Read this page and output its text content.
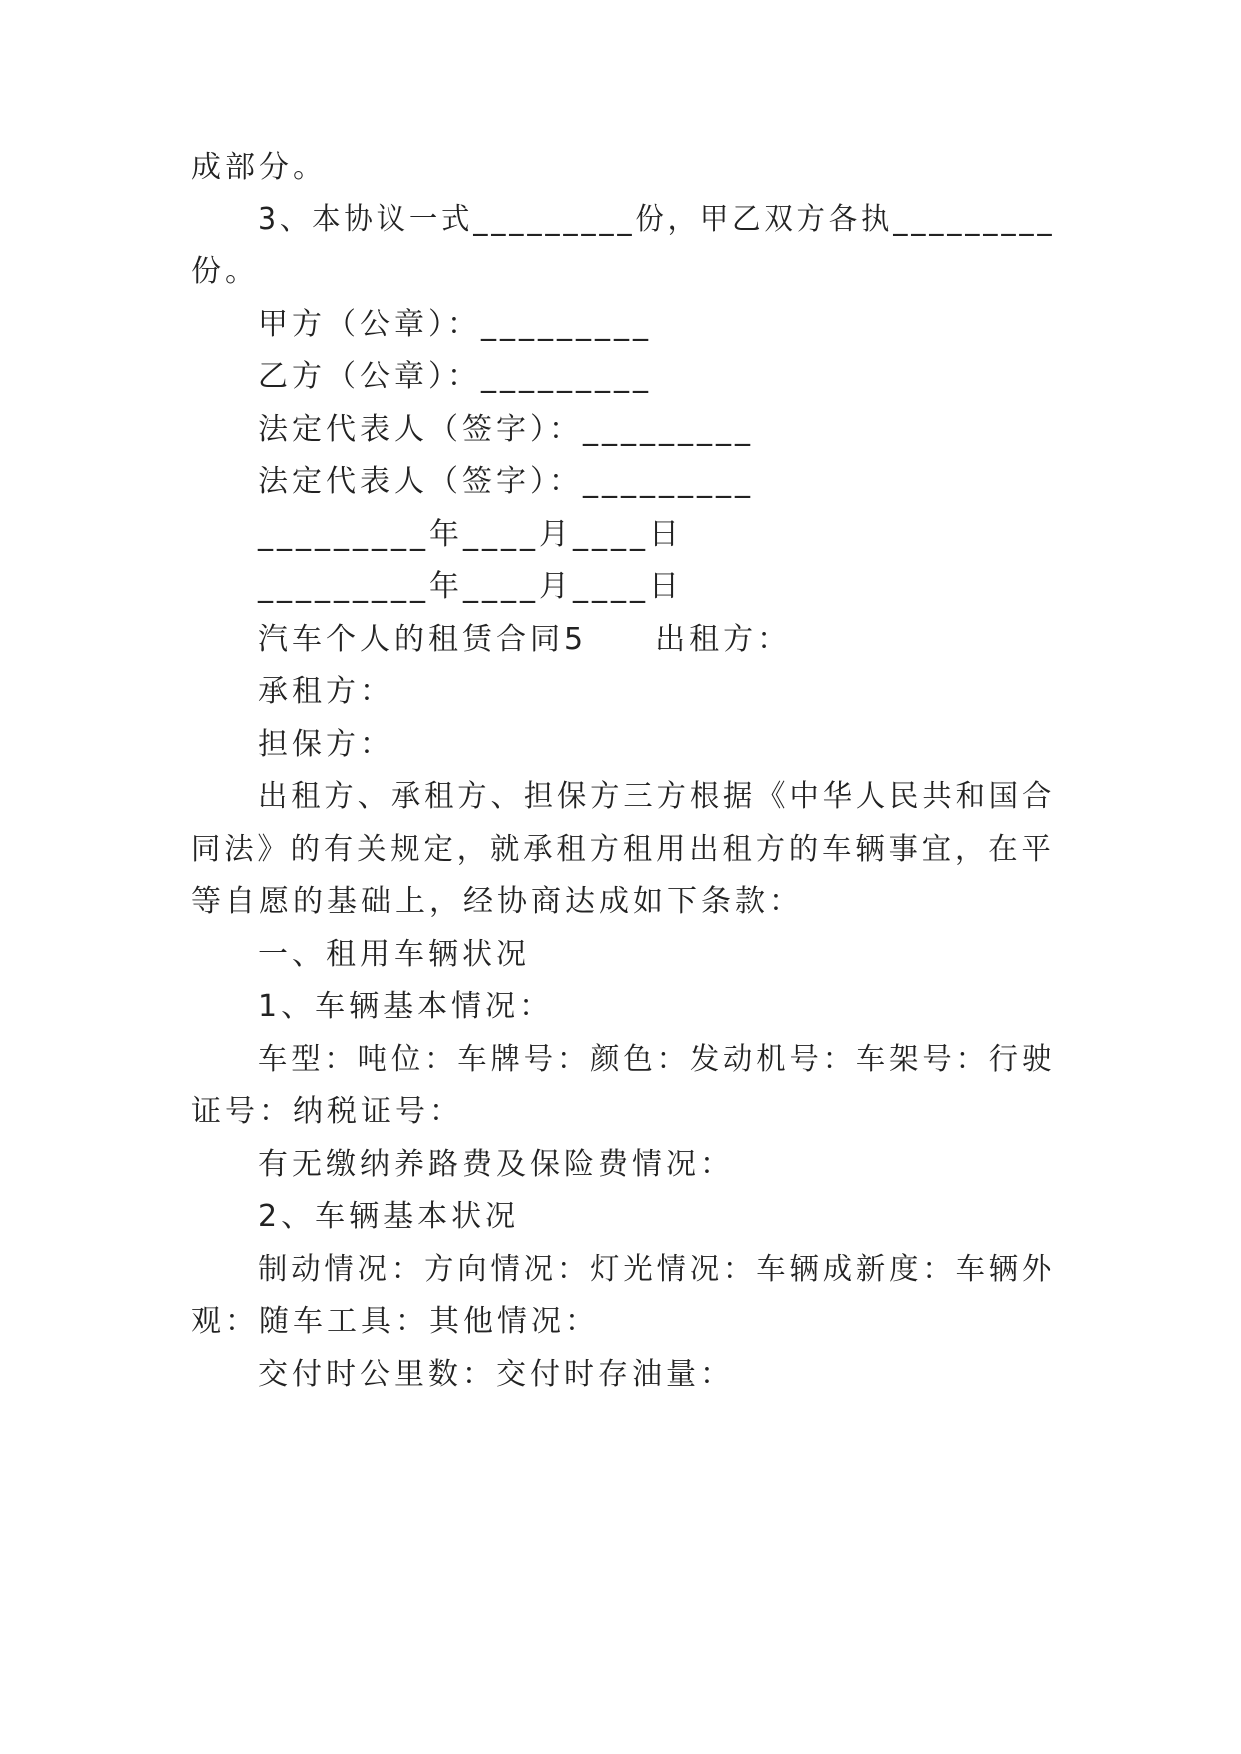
成部分。
3、本协议一式_________份，甲乙双方各执_________
份。
甲方（公章）：_________
乙方（公章）：_________
法定代表人（签字）：_________
法定代表人（签字）：_________
_________年____月____日
_________年____月____日
汽车个人的租赁合同5　　出租方：
承租方：
担保方：
出租方、承租方、担保方三方根据《中华人民共和国合
同法》的有关规定，就承租方租用出租方的车辆事宜，在平
等自愿的基础上，经协商达成如下条款：
一、租用车辆状况
1、车辆基本情况：
车型：吨位：车牌号：颜色：发动机号：车架号：行驶
证号：纳税证号：
有无缴纳养路费及保险费情况：
2、车辆基本状况
制动情况：方向情况：灯光情况：车辆成新度：车辆外
观：随车工具：其他情况：
交付时公里数：交付时存油量：
